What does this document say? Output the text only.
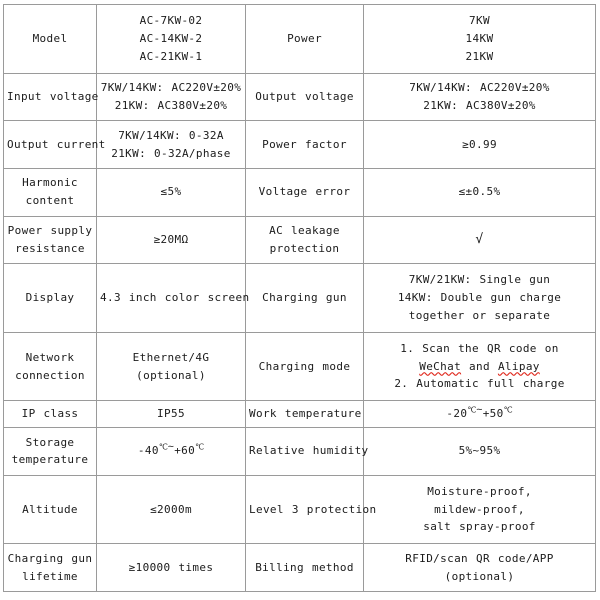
Model	AC-7KW-02
AC-14KW-2
AC-21KW-1	Power	7KW
14KW
21KW

Input voltage	7KW/14KW: AC220V±20%
21KW: AC380V±20%	Output voltage	7KW/14KW: AC220V±20%
21KW: AC380V±20%

Output current	7KW/14KW: 0-32A
21KW: 0-32A/phase	Power factor	≥0.99

Harmonic
content	≤5%	Voltage error	≤±0.5%

Power supply
resistance	≥20MΩ	AC leakage
protection	√

Display	4.3 inch color screen	Charging gun	7KW/21KW: Single gun
14KW: Double gun charge
together or separate

Network
connection	Ethernet/4G
(optional)	Charging mode	1. Scan the QR code on
WeChat and Alipay
2. Automatic full charge

IP class	IP55	Work temperature	-20℃~+50℃

Storage
temperature	-40℃~+60℃	Relative humidity	5%~95%

Altitude	≤2000m	Level 3 protection	Moisture-proof,
mildew-proof,
salt spray-proof

Charging gun
lifetime	≥10000 times	Billing method	RFID/scan QR code/APP
(optional)
